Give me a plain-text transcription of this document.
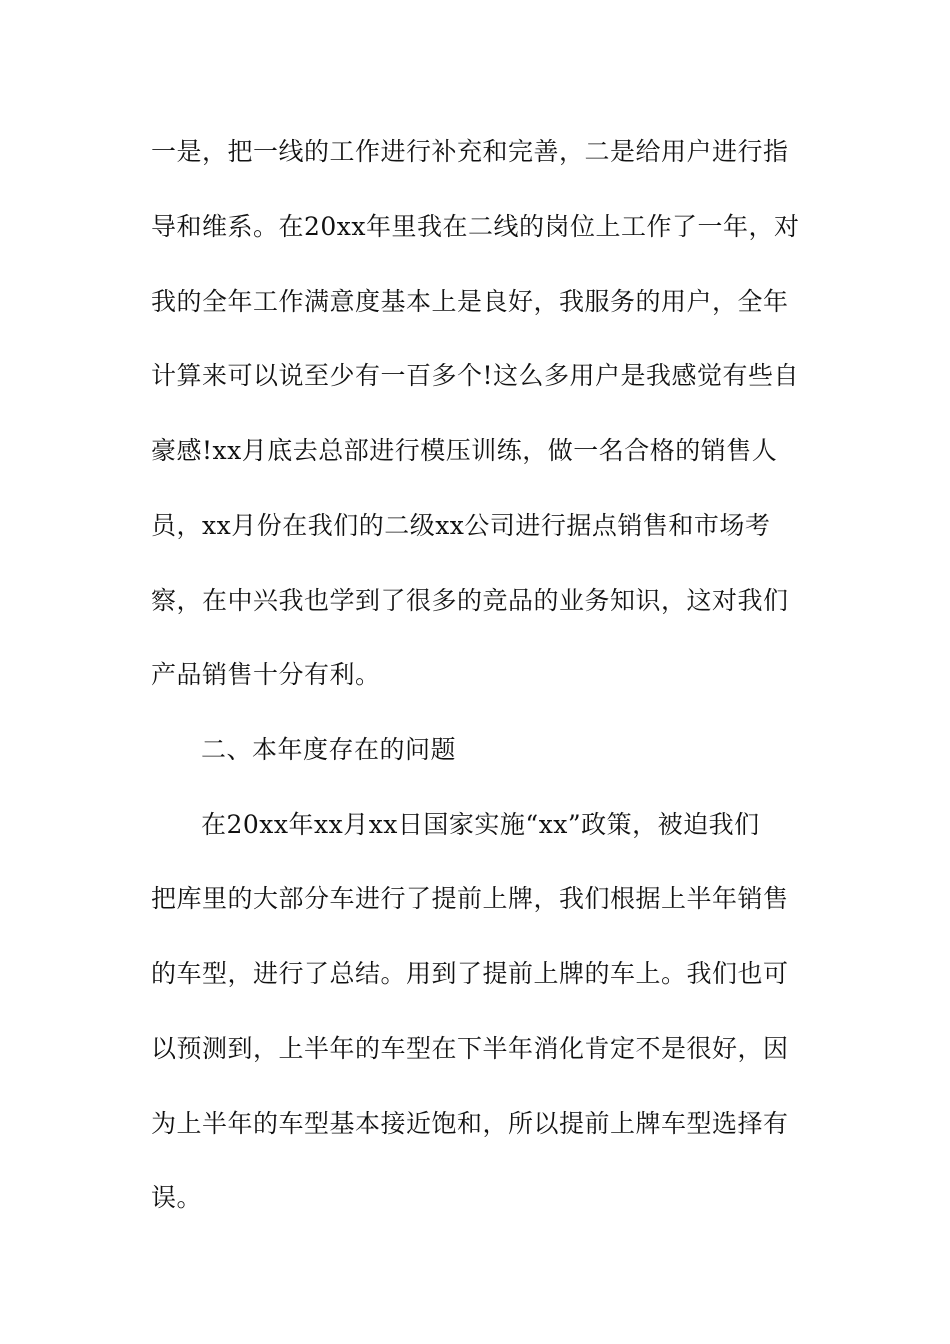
一是，把一线的工作进行补充和完善，二是给用户进行指
导和维系。在20xx年里我在二线的岗位上工作了一年，对
我的全年工作满意度基本上是良好，我服务的用户，全年
计算来可以说至少有一百多个!这么多用户是我感觉有些自
豪感!xx月底去总部进行模压训练，做一名合格的销售人
员，xx月份在我们的二级xx公司进行据点销售和市场考
察，在中兴我也学到了很多的竞品的业务知识，这对我们
产品销售十分有利。
二、本年度存在的问题
在20xx年xx月xx日国家实施“xx”政策，被迫我们
把库里的大部分车进行了提前上牌，我们根据上半年销售
的车型，进行了总结。用到了提前上牌的车上。我们也可
以预测到，上半年的车型在下半年消化肯定不是很好，因
为上半年的车型基本接近饱和，所以提前上牌车型选择有
误。
